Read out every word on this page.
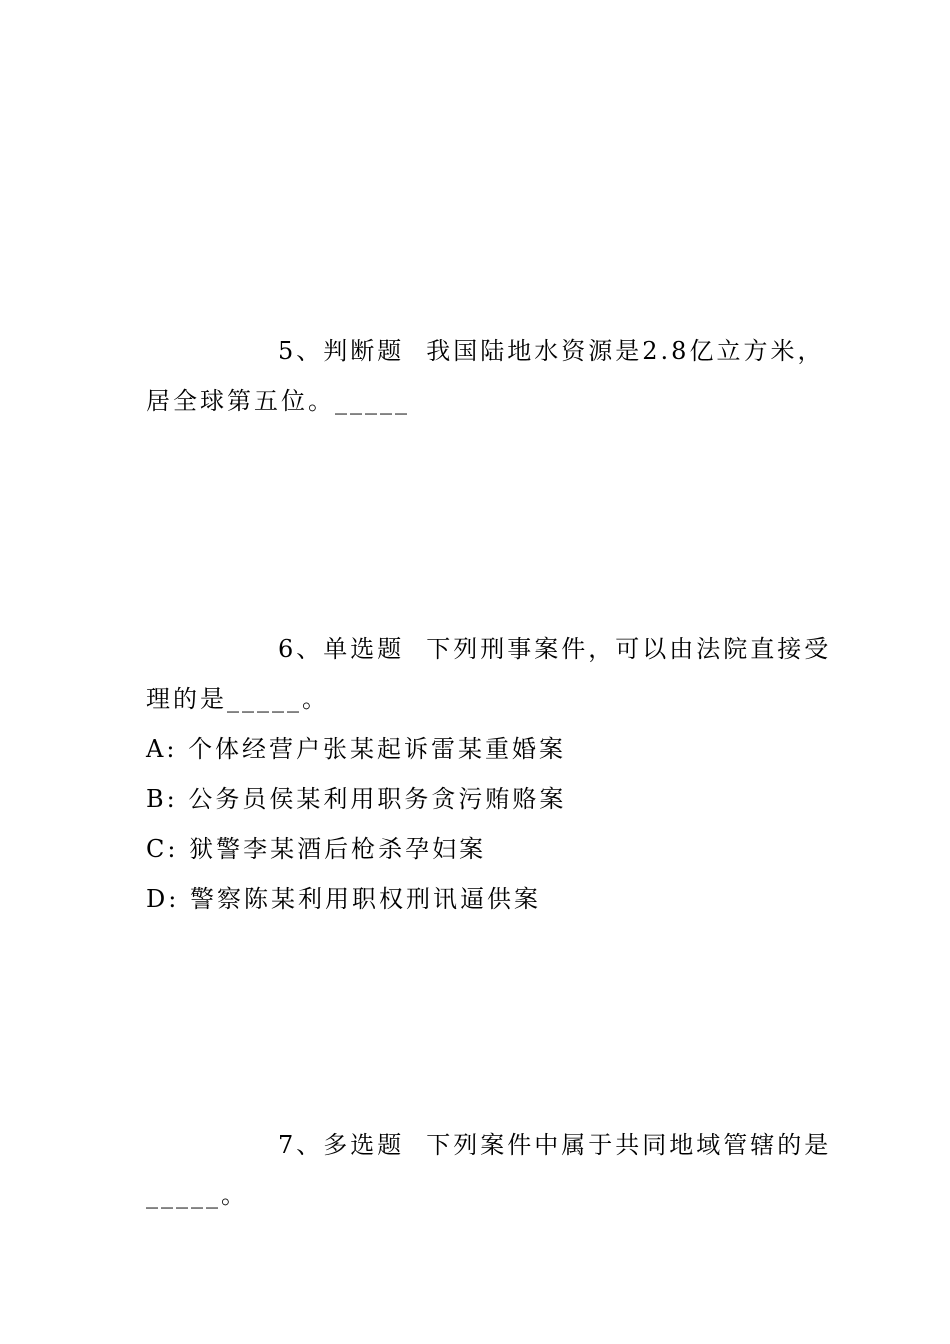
5、判断题 我国陆地水资源是2.8亿立方米，
居全球第五位。_____
6、单选题 下列刑事案件，可以由法院直接受
理的是_____。
A: 个体经营户张某起诉雷某重婚案
B: 公务员侯某利用职务贪污贿赂案
C: 狱警李某酒后枪杀孕妇案
D: 警察陈某利用职权刑讯逼供案
7、多选题 下列案件中属于共同地域管辖的是
_____。
